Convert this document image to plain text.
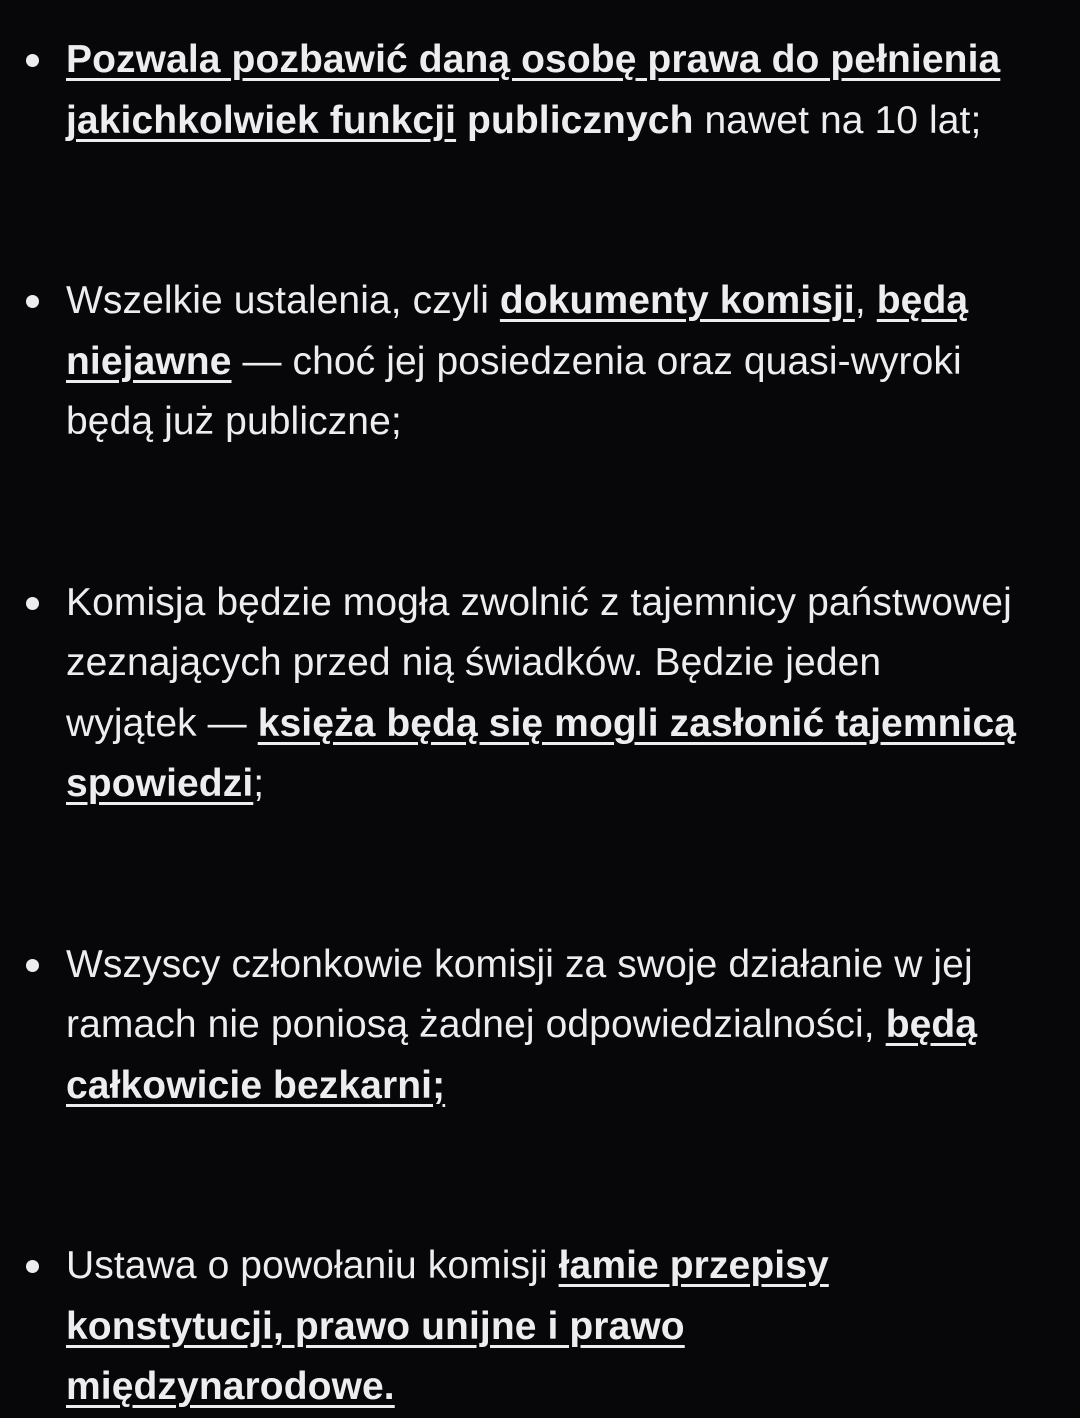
Pozwala pozbawić daną osobę prawa do pełnienia jakichkolwiek funkcji publicznych nawet na 10 lat;
Wszelkie ustalenia, czyli dokumenty komisji, będą niejawne — choć jej posiedzenia oraz quasi-wyroki będą już publiczne;
Komisja będzie mogła zwolnić z tajemnicy państwowej zeznających przed nią świadków. Będzie jeden wyjątek — księża będą się mogli zasłonić tajemnicą spowiedzi;
Wszyscy członkowie komisji za swoje działanie w jej ramach nie poniosą żadnej odpowiedzialności, będą całkowicie bezkarni;
Ustawa o powołaniu komisji łamie przepisy konstytucji, prawo unijne i prawo międzynarodowe.
